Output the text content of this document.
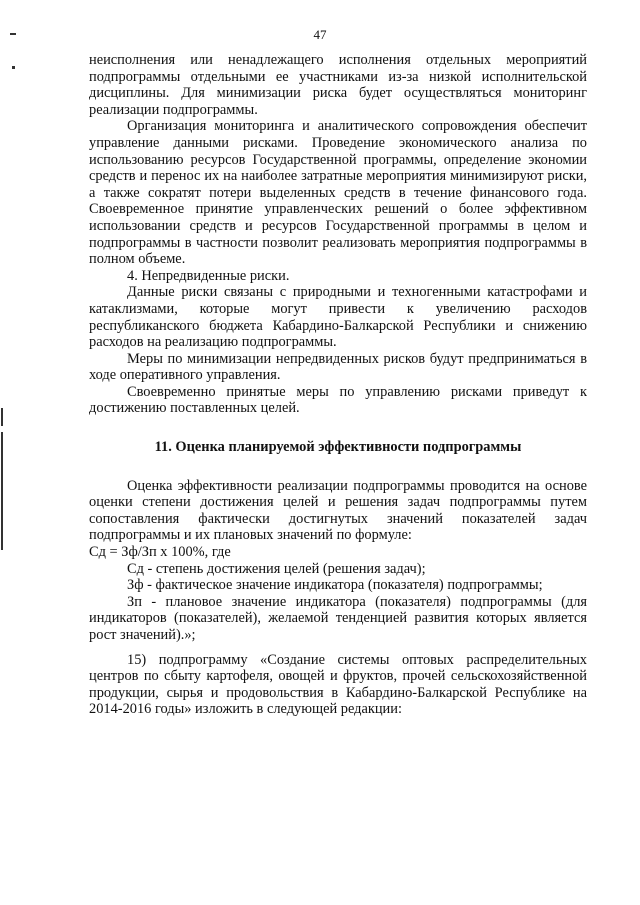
47

неисполнения или ненадлежащего исполнения отдельных мероприятий подпрограммы отдельными ее участниками из-за низкой исполнительской дисциплины. Для минимизации риска будет осуществляться мониторинг реализации подпрограммы.

Организация мониторинга и аналитического сопровождения обеспечит управление данными рисками. Проведение экономического анализа по использованию ресурсов Государственной программы, определение экономии средств и перенос их на наиболее затратные мероприятия минимизируют риски, а также сократят потери выделенных средств в течение финансового года. Своевременное принятие управленческих решений о более эффективном использовании средств и ресурсов Государственной программы в целом и подпрограммы в частности позволит реализовать мероприятия подпрограммы в полном объеме.

4. Непредвиденные риски.

Данные риски связаны с природными и техногенными катастрофами и катаклизмами, которые могут привести к увеличению расходов республиканского бюджета Кабардино-Балкарской Республики и снижению расходов на реализацию подпрограммы.

Меры по минимизации непредвиденных рисков будут предприниматься в ходе оперативного управления.

Своевременно принятые меры по управлению рисками приведут к достижению поставленных целей.

11. Оценка планируемой эффективности подпрограммы

Оценка эффективности реализации подпрограммы проводится на основе оценки степени достижения целей и решения задач подпрограммы путем сопоставления фактически достигнутых значений показателей задач подпрограммы и их плановых значений по формуле:

Сд = Зф/Зп х 100%, где

Сд - степень достижения целей (решения задач);

Зф - фактическое значение индикатора (показателя) подпрограммы;

Зп - плановое значение индикатора (показателя) подпрограммы (для индикаторов (показателей), желаемой тенденцией развития которых является рост значений).»;

15) подпрограмму «Создание системы оптовых распределительных центров по сбыту картофеля, овощей и фруктов, прочей сельскохозяйственной продукции, сырья и продовольствия в Кабардино-Балкарской Республике на 2014-2016 годы» изложить в следующей редакции:
